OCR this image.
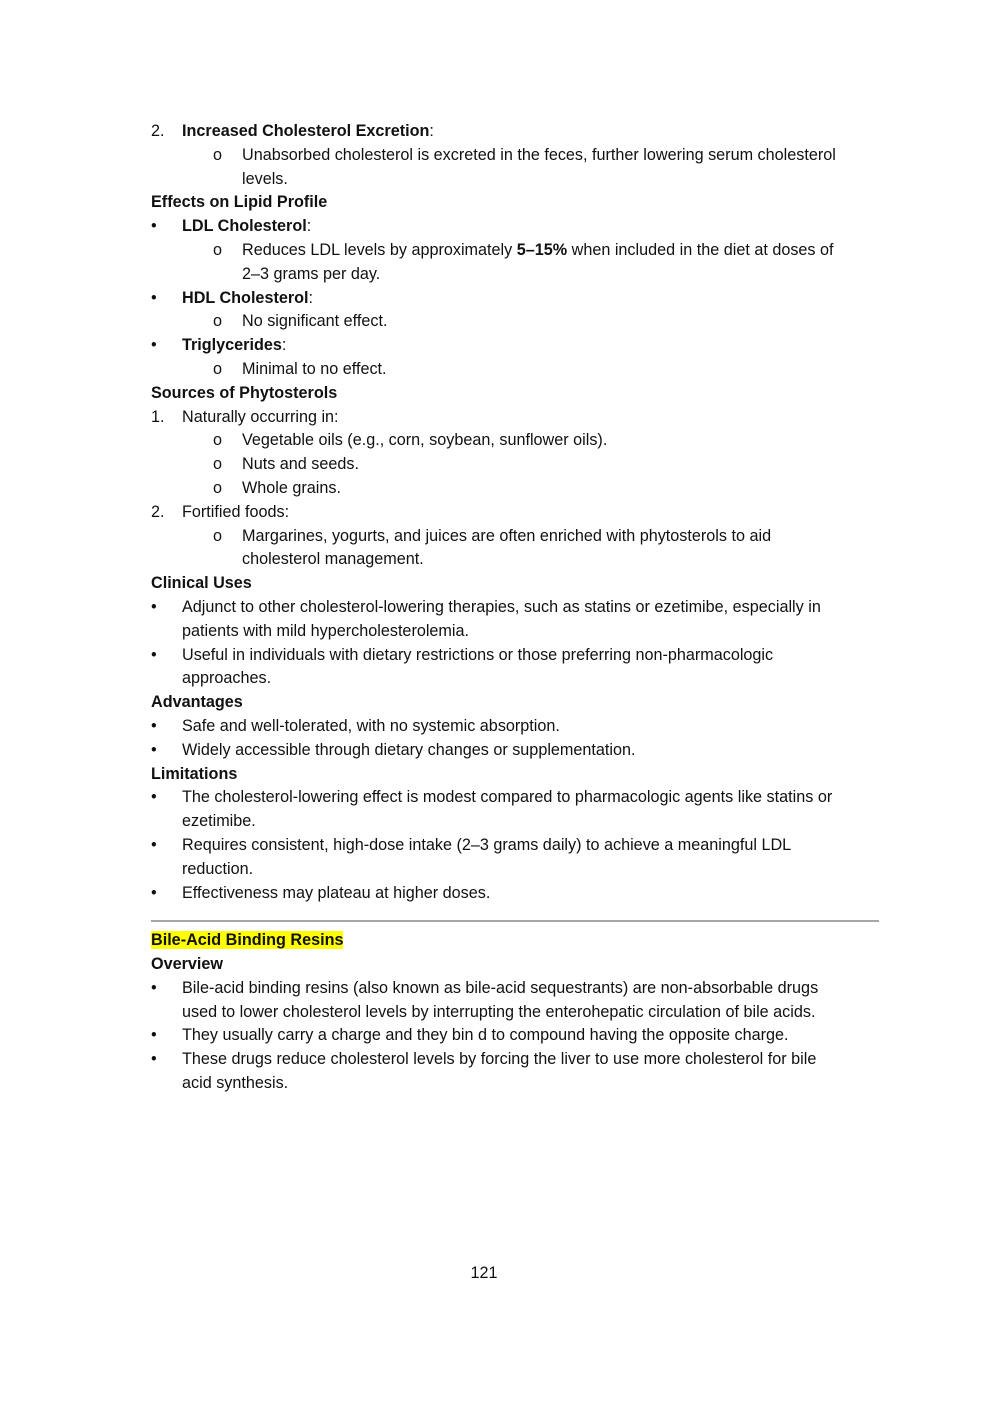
2. Increased Cholesterol Excretion:
o Unabsorbed cholesterol is excreted in the feces, further lowering serum cholesterol
levels.
Effects on Lipid Profile
• LDL Cholesterol:
o Reduces LDL levels by approximately 5–15% when included in the diet at doses of
2–3 grams per day.
• HDL Cholesterol:
o No significant effect.
• Triglycerides:
o Minimal to no effect.
Sources of Phytosterols
1. Naturally occurring in:
o Vegetable oils (e.g., corn, soybean, sunflower oils).
o Nuts and seeds.
o Whole grains.
2. Fortified foods:
o Margarines, yogurts, and juices are often enriched with phytosterols to aid
cholesterol management.
Clinical Uses
• Adjunct to other cholesterol-lowering therapies, such as statins or ezetimibe, especially in
patients with mild hypercholesterolemia.
• Useful in individuals with dietary restrictions or those preferring non-pharmacologic
approaches.
Advantages
• Safe and well-tolerated, with no systemic absorption.
• Widely accessible through dietary changes or supplementation.
Limitations
• The cholesterol-lowering effect is modest compared to pharmacologic agents like statins or
ezetimibe.
• Requires consistent, high-dose intake (2–3 grams daily) to achieve a meaningful LDL
reduction.
• Effectiveness may plateau at higher doses.
Bile-Acid Binding Resins
Overview
• Bile-acid binding resins (also known as bile-acid sequestrants) are non-absorbable drugs
used to lower cholesterol levels by interrupting the enterohepatic circulation of bile acids.
• They usually carry a charge and they bin d to compound having the opposite charge.
• These drugs reduce cholesterol levels by forcing the liver to use more cholesterol for bile
acid synthesis.
121
